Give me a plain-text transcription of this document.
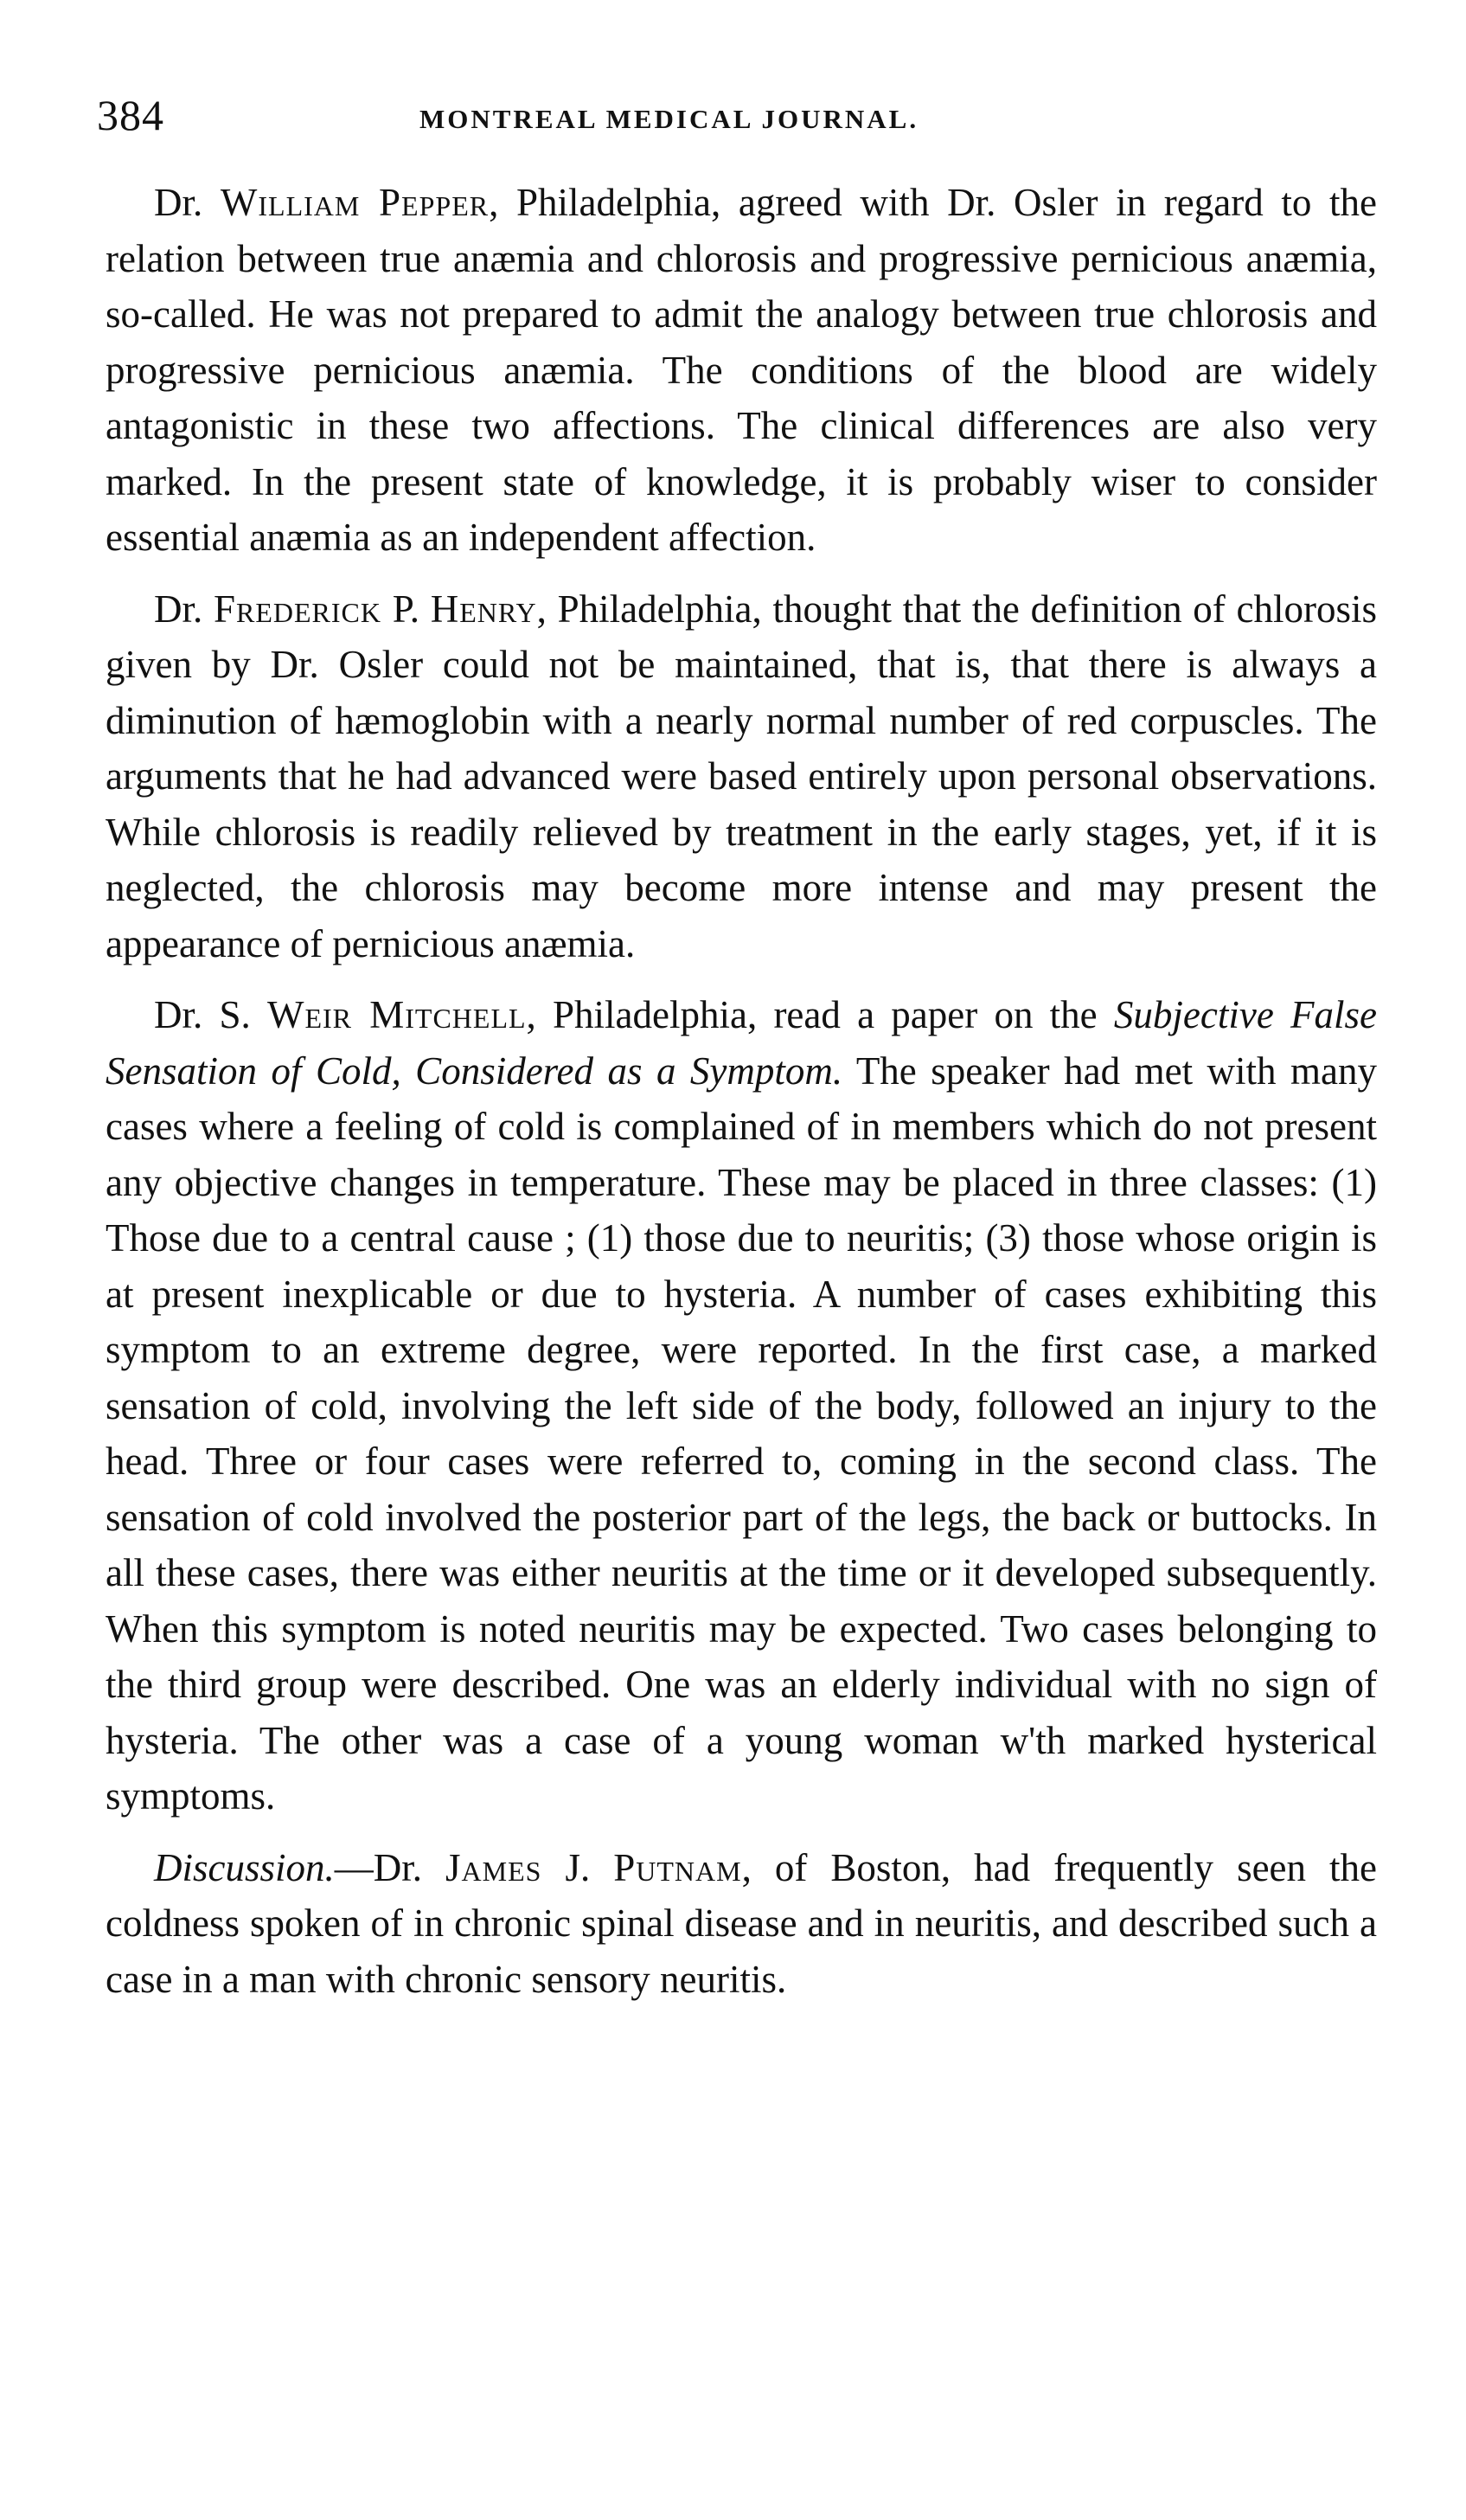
384	MONTREAL MEDICAL JOURNAL.

Dr. William Pepper, Philadelphia, agreed with Dr. Osler in regard to the relation between true anæmia and chlorosis and progressive pernicious anæmia, so-called. He was not prepared to admit the analogy between true chlorosis and progressive pernicious anæmia. The conditions of the blood are widely antagonistic in these two affections. The clinical differences are also very marked. In the present state of knowledge, it is probably wiser to consider essential anæmia as an independent affection.

Dr. Frederick P. Henry, Philadelphia, thought that the definition of chlorosis given by Dr. Osler could not be maintained, that is, that there is always a diminution of hæmoglobin with a nearly normal number of red corpuscles. The arguments that he had advanced were based entirely upon personal observations. While chlorosis is readily relieved by treatment in the early stages, yet, if it is neglected, the chlorosis may become more intense and may present the appearance of pernicious anæmia.

Dr. S. Weir Mitchell, Philadelphia, read a paper on the Subjective False Sensation of Cold, Considered as a Symptom. The speaker had met with many cases where a feeling of cold is complained of in members which do not present any objective changes in temperature. These may be placed in three classes: (1) Those due to a central cause ; (1) those due to neuritis; (3) those whose origin is at present inexplicable or due to hysteria. A number of cases exhibiting this symptom to an extreme degree, were reported. In the first case, a marked sensation of cold, involving the left side of the body, followed an injury to the head. Three or four cases were referred to, coming in the second class. The sensation of cold involved the posterior part of the legs, the back or buttocks. In all these cases, there was either neuritis at the time or it developed subsequently. When this symptom is noted neuritis may be expected. Two cases belonging to the third group were described. One was an elderly individual with no sign of hysteria. The other was a case of a young woman w'th marked hysterical symptoms.

Discussion.—Dr. James J. Putnam, of Boston, had frequently seen the coldness spoken of in chronic spinal disease and in neuritis, and described such a case in a man with chronic sensory neuritis.
